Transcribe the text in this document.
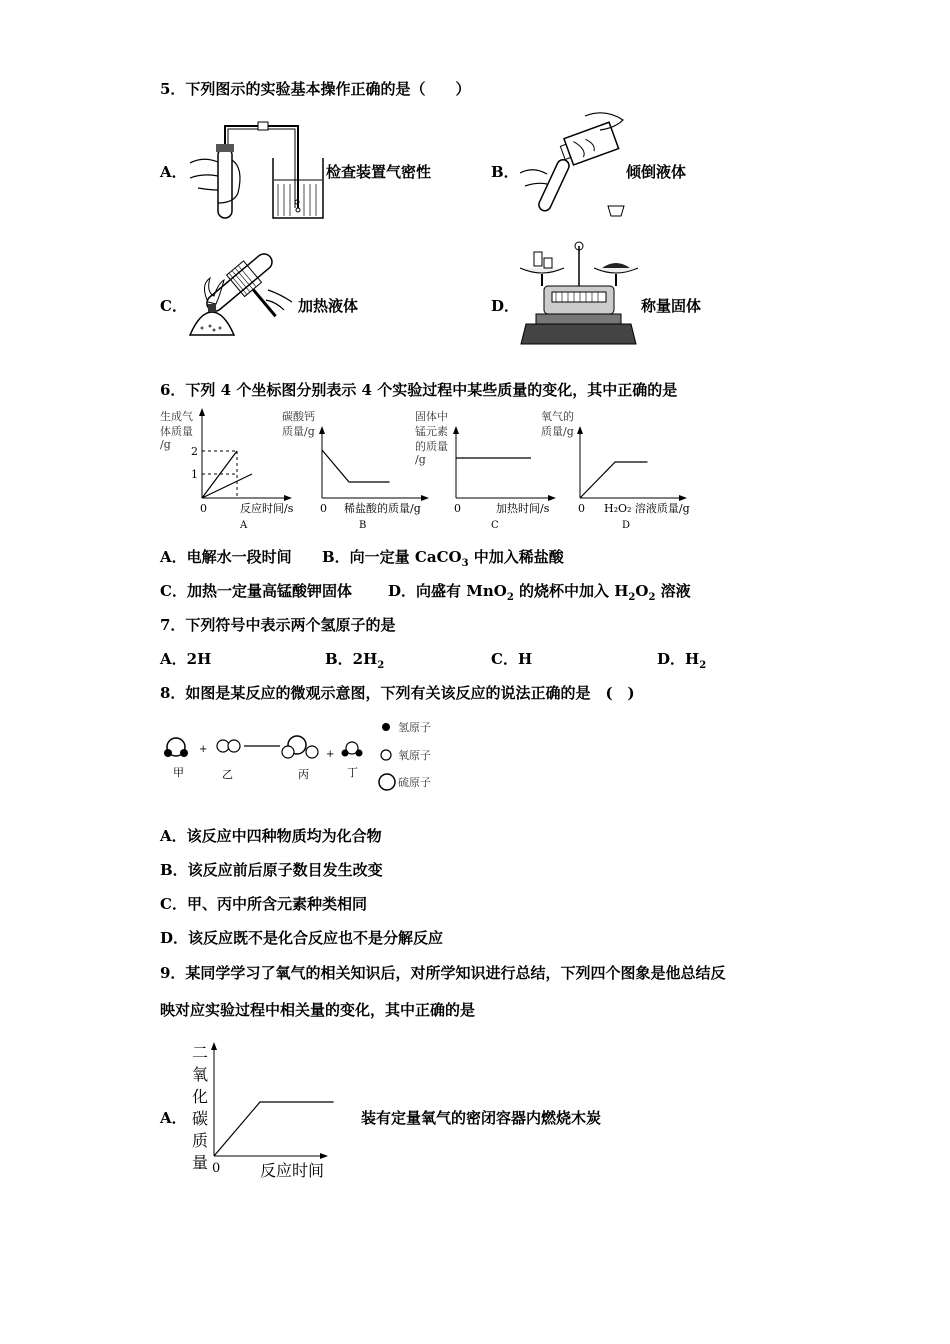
5．下列图示的实验基本操作正确的是（　　）
A．	检查装置气密性	B．	倾倒液体
C．	加热液体	D．	称量固体
6．下列 4 个坐标图分别表示 4 个实验过程中某些质量的变化，其中正确的是
生成气
体质量
/g
2
1
0	反应时间/s
A
碳酸钙
质量/g
0 稀盐酸的质量/g
B
固体中
锰元素
的质量
/g
0	加热时间/s
C
氧气的
质量/g
0 H₂O₂ 溶液质量/g
D
A．电解水一段时间 B．向一定量 CaCO$_3$ 中加入稀盐酸
C．加热一定量高锰酸钾固体 D．向盛有 MnO$_2$ 的烧杯中加入 $H_2O_2$ 溶液
7．下列符号中表示两个氢原子的是
A．2H	B．$2H_2$	C．H	D．$H_2$
8．如图是某反应的微观示意图，下列有关该反应的说法正确的是　(　)
+	+
甲	乙	丙	丁
氢原子
氧原子
硫原子
A．该反应中四种物质均为化合物
B．该反应前后原子数目发生改变
C．甲、丙中所含元素种类相同
D．该反应既不是化合反应也不是分解反应
9．某同学学习了氧气的相关知识后，对所学知识进行总结，下列四个图象是他总结反
映对应实验过程中相关量的变化，其中正确的是
A．
二
氧
化
碳
质
量 0 反应时间
装有定量氧气的密闭容器内燃烧木炭
